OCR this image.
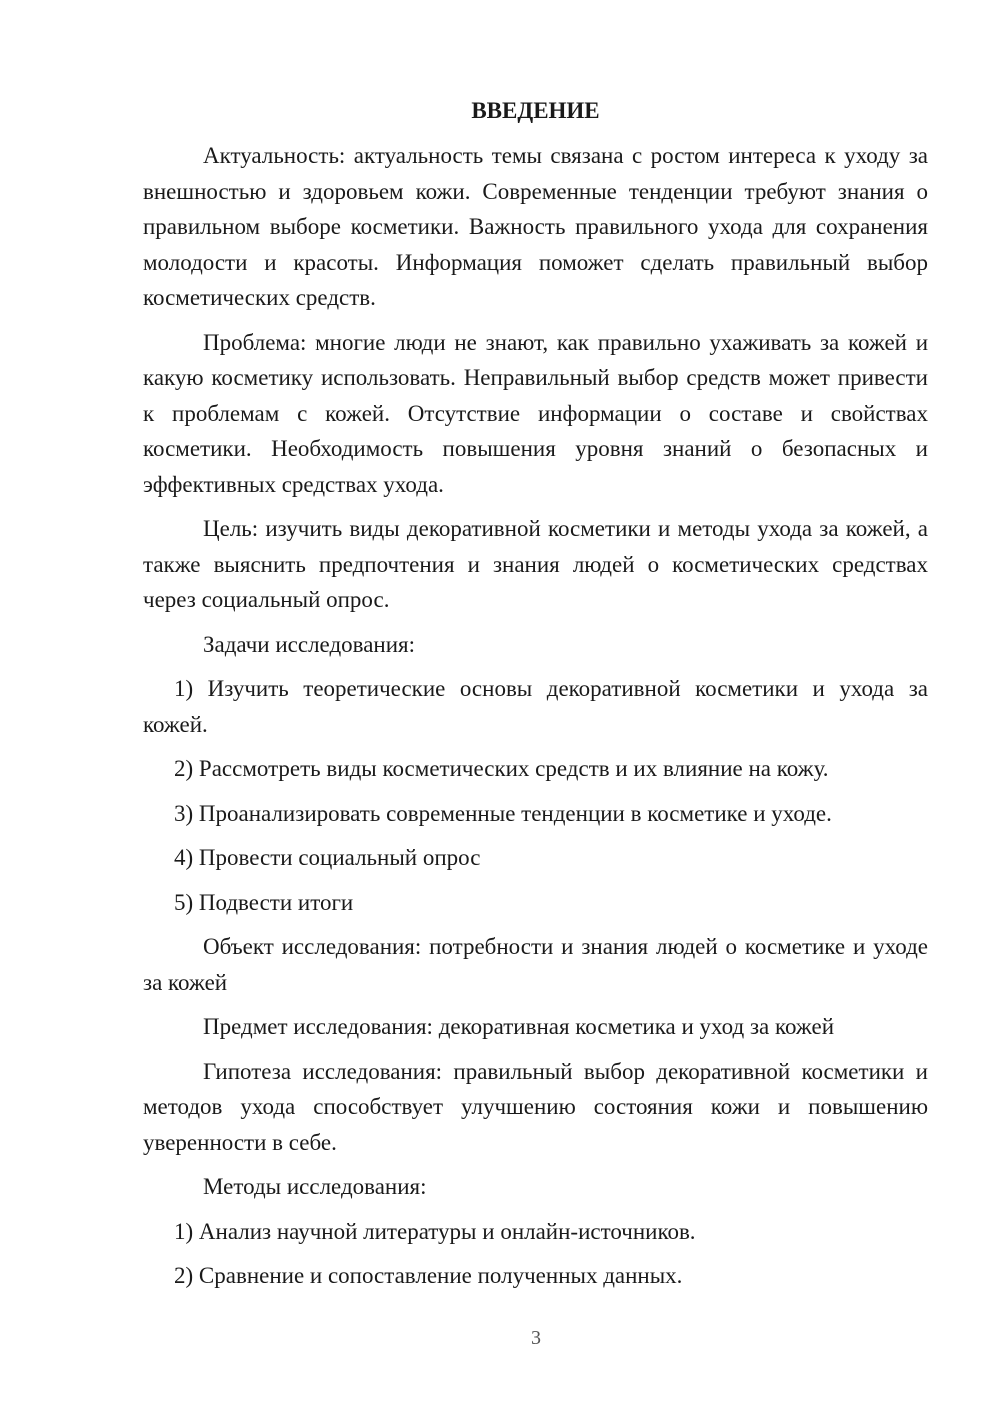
ВВЕДЕНИЕ

Актуальность: актуальность темы связана с ростом интереса к уходу за внешностью и здоровьем кожи. Современные тенденции требуют знания о правильном выборе косметики. Важность правильного ухода для сохранения молодости и красоты. Информация поможет сделать правильный выбор косметических средств.

Проблема: многие люди не знают, как правильно ухаживать за кожей и какую косметику использовать. Неправильный выбор средств может привести к проблемам с кожей. Отсутствие информации о составе и свойствах косметики. Необходимость повышения уровня знаний о безопасных и эффективных средствах ухода.

Цель: изучить виды декоративной косметики и методы ухода за кожей, а также выяснить предпочтения и знания людей о косметических средствах через социальный опрос.

Задачи исследования:

1) Изучить теоретические основы декоративной косметики и ухода за кожей.

2) Рассмотреть виды косметических средств и их влияние на кожу.

3) Проанализировать современные тенденции в косметике и уходе.

4) Провести социальный опрос

5) Подвести итоги

Объект исследования: потребности и знания людей о косметике и уходе за кожей

Предмет исследования: декоративная косметика и уход за кожей

Гипотеза исследования: правильный выбор декоративной косметики и методов ухода способствует улучшению состояния кожи и повышению уверенности в себе.

Методы исследования:

1) Анализ научной литературы и онлайн-источников.

2) Сравнение и сопоставление полученных данных.

3
